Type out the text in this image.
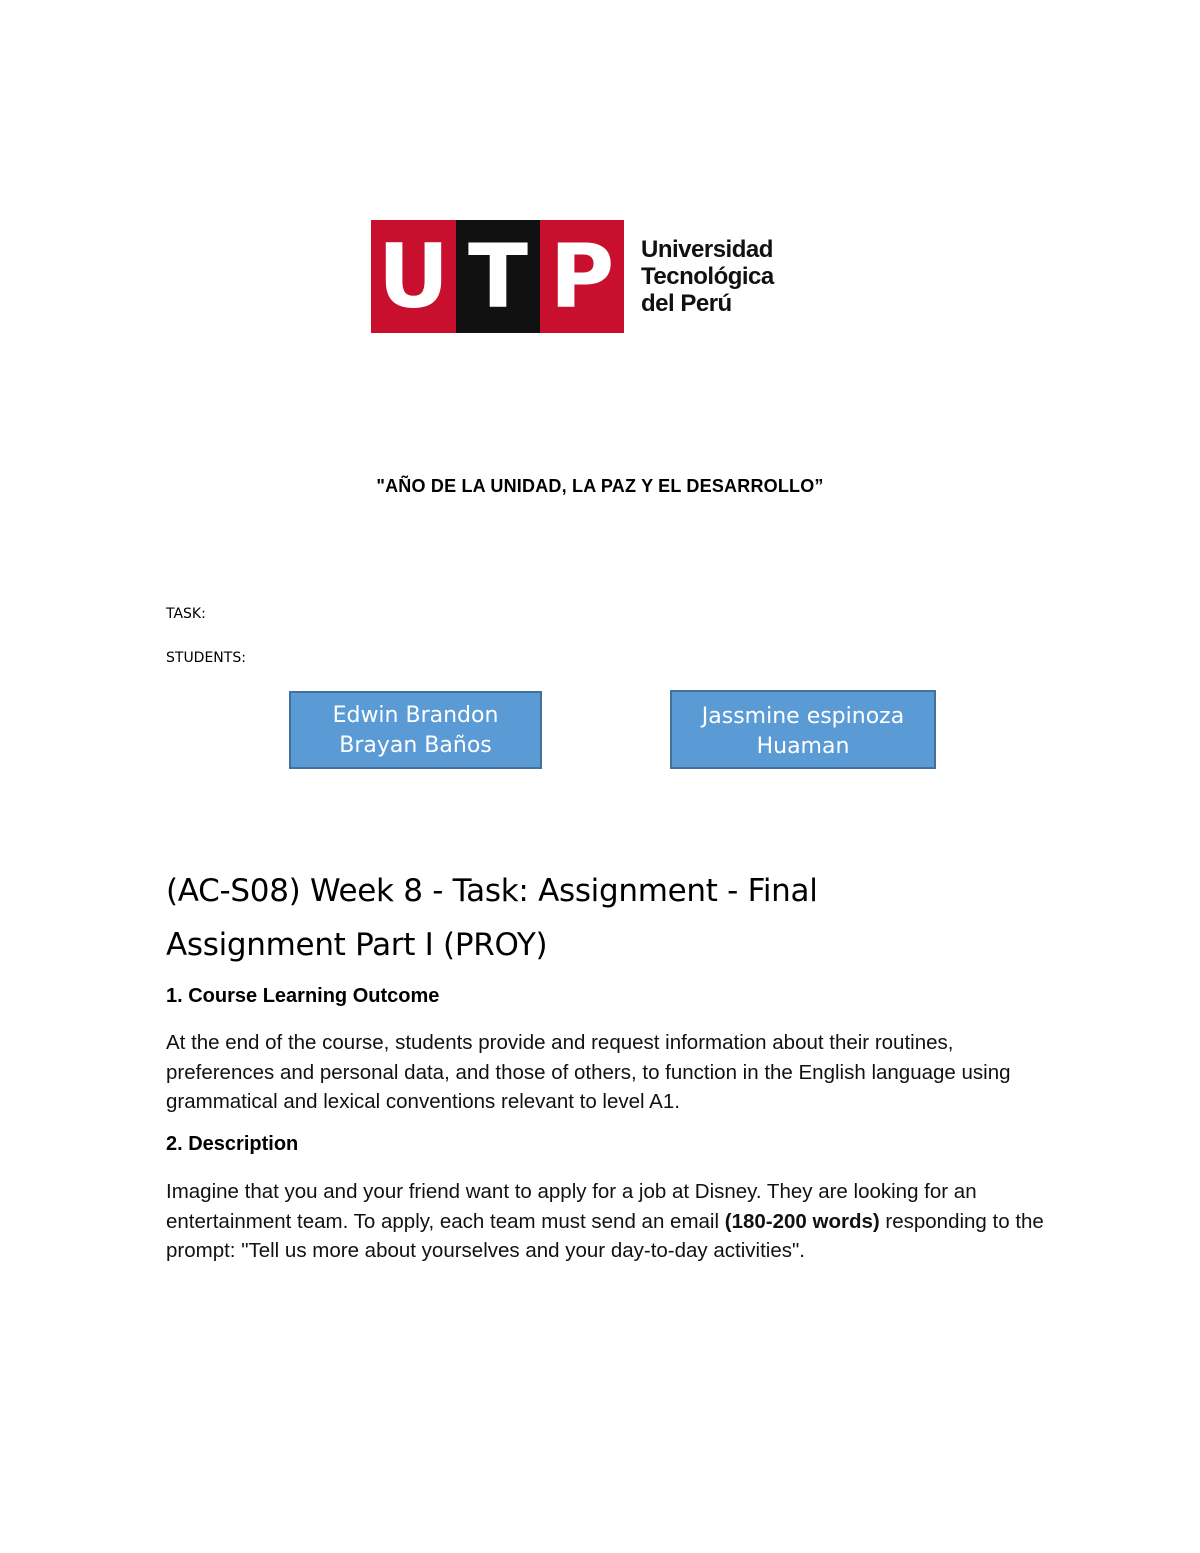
U T P	Universidad
Tecnológica
del Perú
"AÑO DE LA UNIDAD, LA PAZ Y EL DESARROLLO”
TASK:
STUDENTS:
Edwin Brandon
Brayan Baños
Jassmine espinoza
Huaman
(AC-S08) Week 8 - Task: Assignment - Final
Assignment Part I (PROY)
1. Course Learning Outcome
At the end of the course, students provide and request information about their routines, preferences and personal data, and those of others, to function in the English language using grammatical and lexical conventions relevant to level A1.
2. Description
Imagine that you and your friend want to apply for a job at Disney. They are looking for an entertainment team. To apply, each team must send an email (180-200 words) responding to the prompt: "Tell us more about yourselves and your day-to-day activities".
